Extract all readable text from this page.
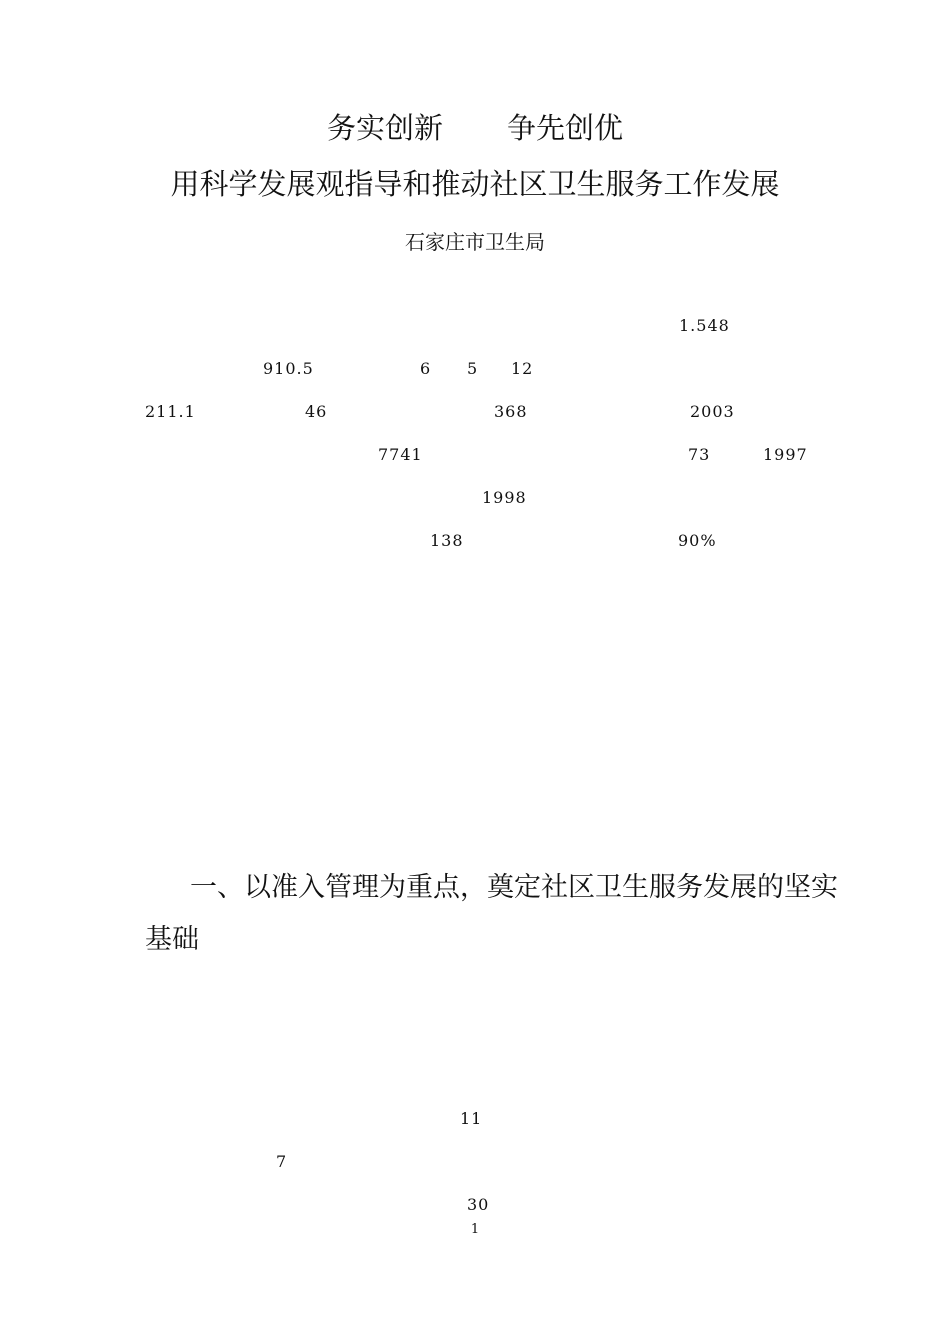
务实创新 争先创优
用科学发展观指导和推动社区卫生服务工作发展
石家庄市卫生局
1.548
910.5	6 5 12
211.1	46	368	2003
7741	73	1997
1998
138	90%
一、以准入管理为重点，奠定社区卫生服务发展的坚实
基础
11
7
30
1
